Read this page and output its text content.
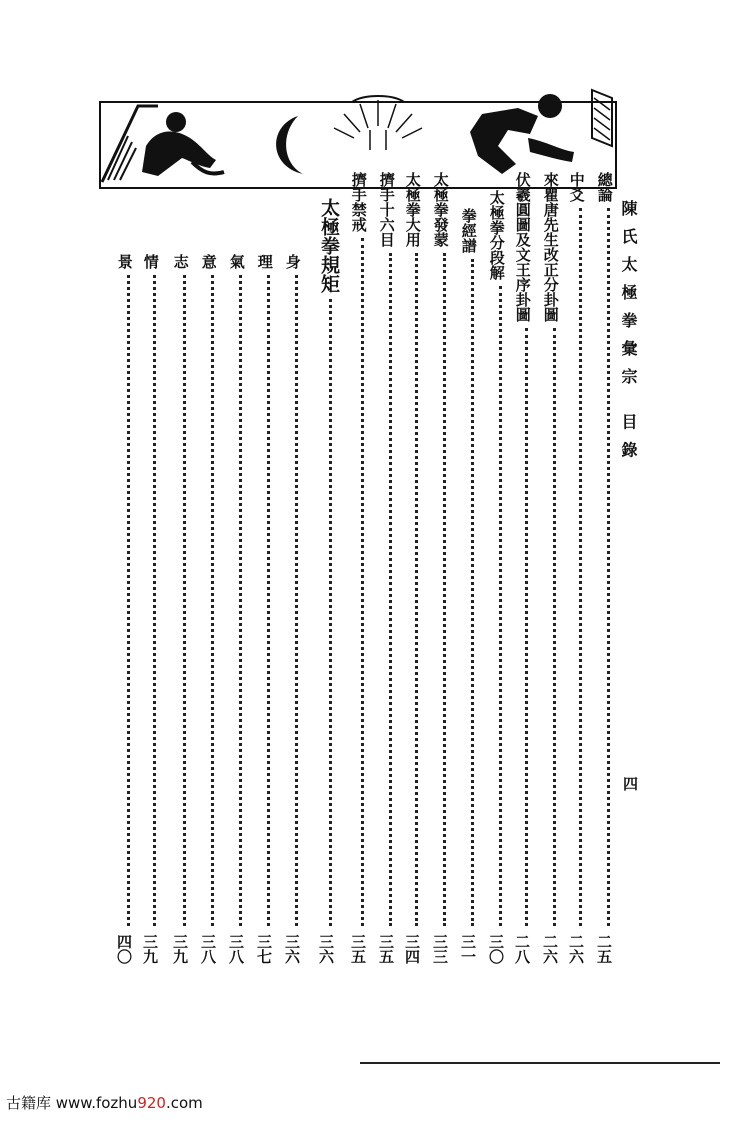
陳氏太極拳彙宗 目錄
四
總論
二五
中爻
二六
來瞿唐先生改正分卦圖
二六
伏羲圓圖及文王序卦圖
二八
太極拳分段解
三〇
拳經譜
三一
太極拳發蒙
三三
太極拳大用
三四
擠手十六目
三五
擠手禁戒
三五
太極拳規矩
三六
身
三六
理
三七
氣
三八
意
三八
志
三九
情
三九
景
四〇
古籍库 www.fozhu920.com
